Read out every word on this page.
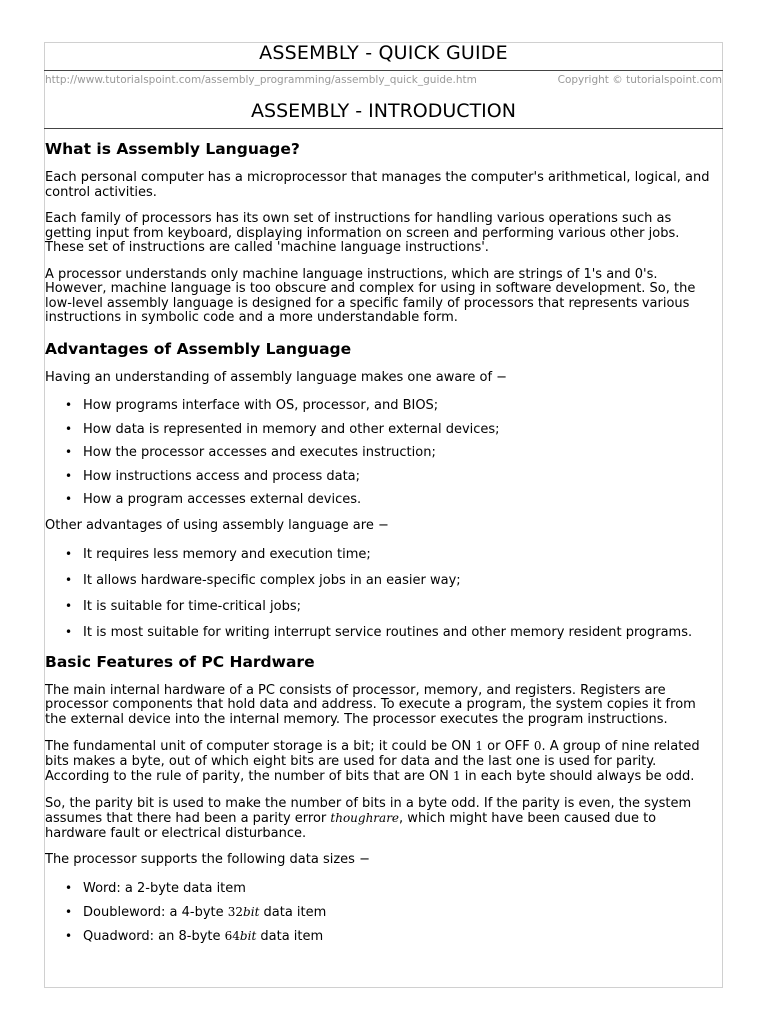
ASSEMBLY - QUICK GUIDE
http://www.tutorialspoint.com/assembly_programming/assembly_quick_guide.htm	Copyright © tutorialspoint.com
ASSEMBLY - INTRODUCTION
What is Assembly Language?

Each personal computer has a microprocessor that manages the computer's arithmetical, logical, and control activities.

Each family of processors has its own set of instructions for handling various operations such as getting input from keyboard, displaying information on screen and performing various other jobs. These set of instructions are called 'machine language instructions'.

A processor understands only machine language instructions, which are strings of 1's and 0's. However, machine language is too obscure and complex for using in software development. So, the low-level assembly language is designed for a specific family of processors that represents various instructions in symbolic code and a more understandable form.

Advantages of Assembly Language

Having an understanding of assembly language makes one aware of −

• How programs interface with OS, processor, and BIOS;
• How data is represented in memory and other external devices;
• How the processor accesses and executes instruction;
• How instructions access and process data;
• How a program accesses external devices.

Other advantages of using assembly language are −

• It requires less memory and execution time;
• It allows hardware-specific complex jobs in an easier way;
• It is suitable for time-critical jobs;
• It is most suitable for writing interrupt service routines and other memory resident programs.
Basic Features of PC Hardware

The main internal hardware of a PC consists of processor, memory, and registers. Registers are processor components that hold data and address. To execute a program, the system copies it from the external device into the internal memory. The processor executes the program instructions.

The fundamental unit of computer storage is a bit; it could be ON 1 or OFF 0. A group of nine related bits makes a byte, out of which eight bits are used for data and the last one is used for parity. According to the rule of parity, the number of bits that are ON 1 in each byte should always be odd.

So, the parity bit is used to make the number of bits in a byte odd. If the parity is even, the system assumes that there had been a parity error thoughrare, which might have been caused due to hardware fault or electrical disturbance.

The processor supports the following data sizes −

• Word: a 2-byte data item
• Doubleword: a 4-byte 32bit data item
• Quadword: an 8-byte 64bit data item
